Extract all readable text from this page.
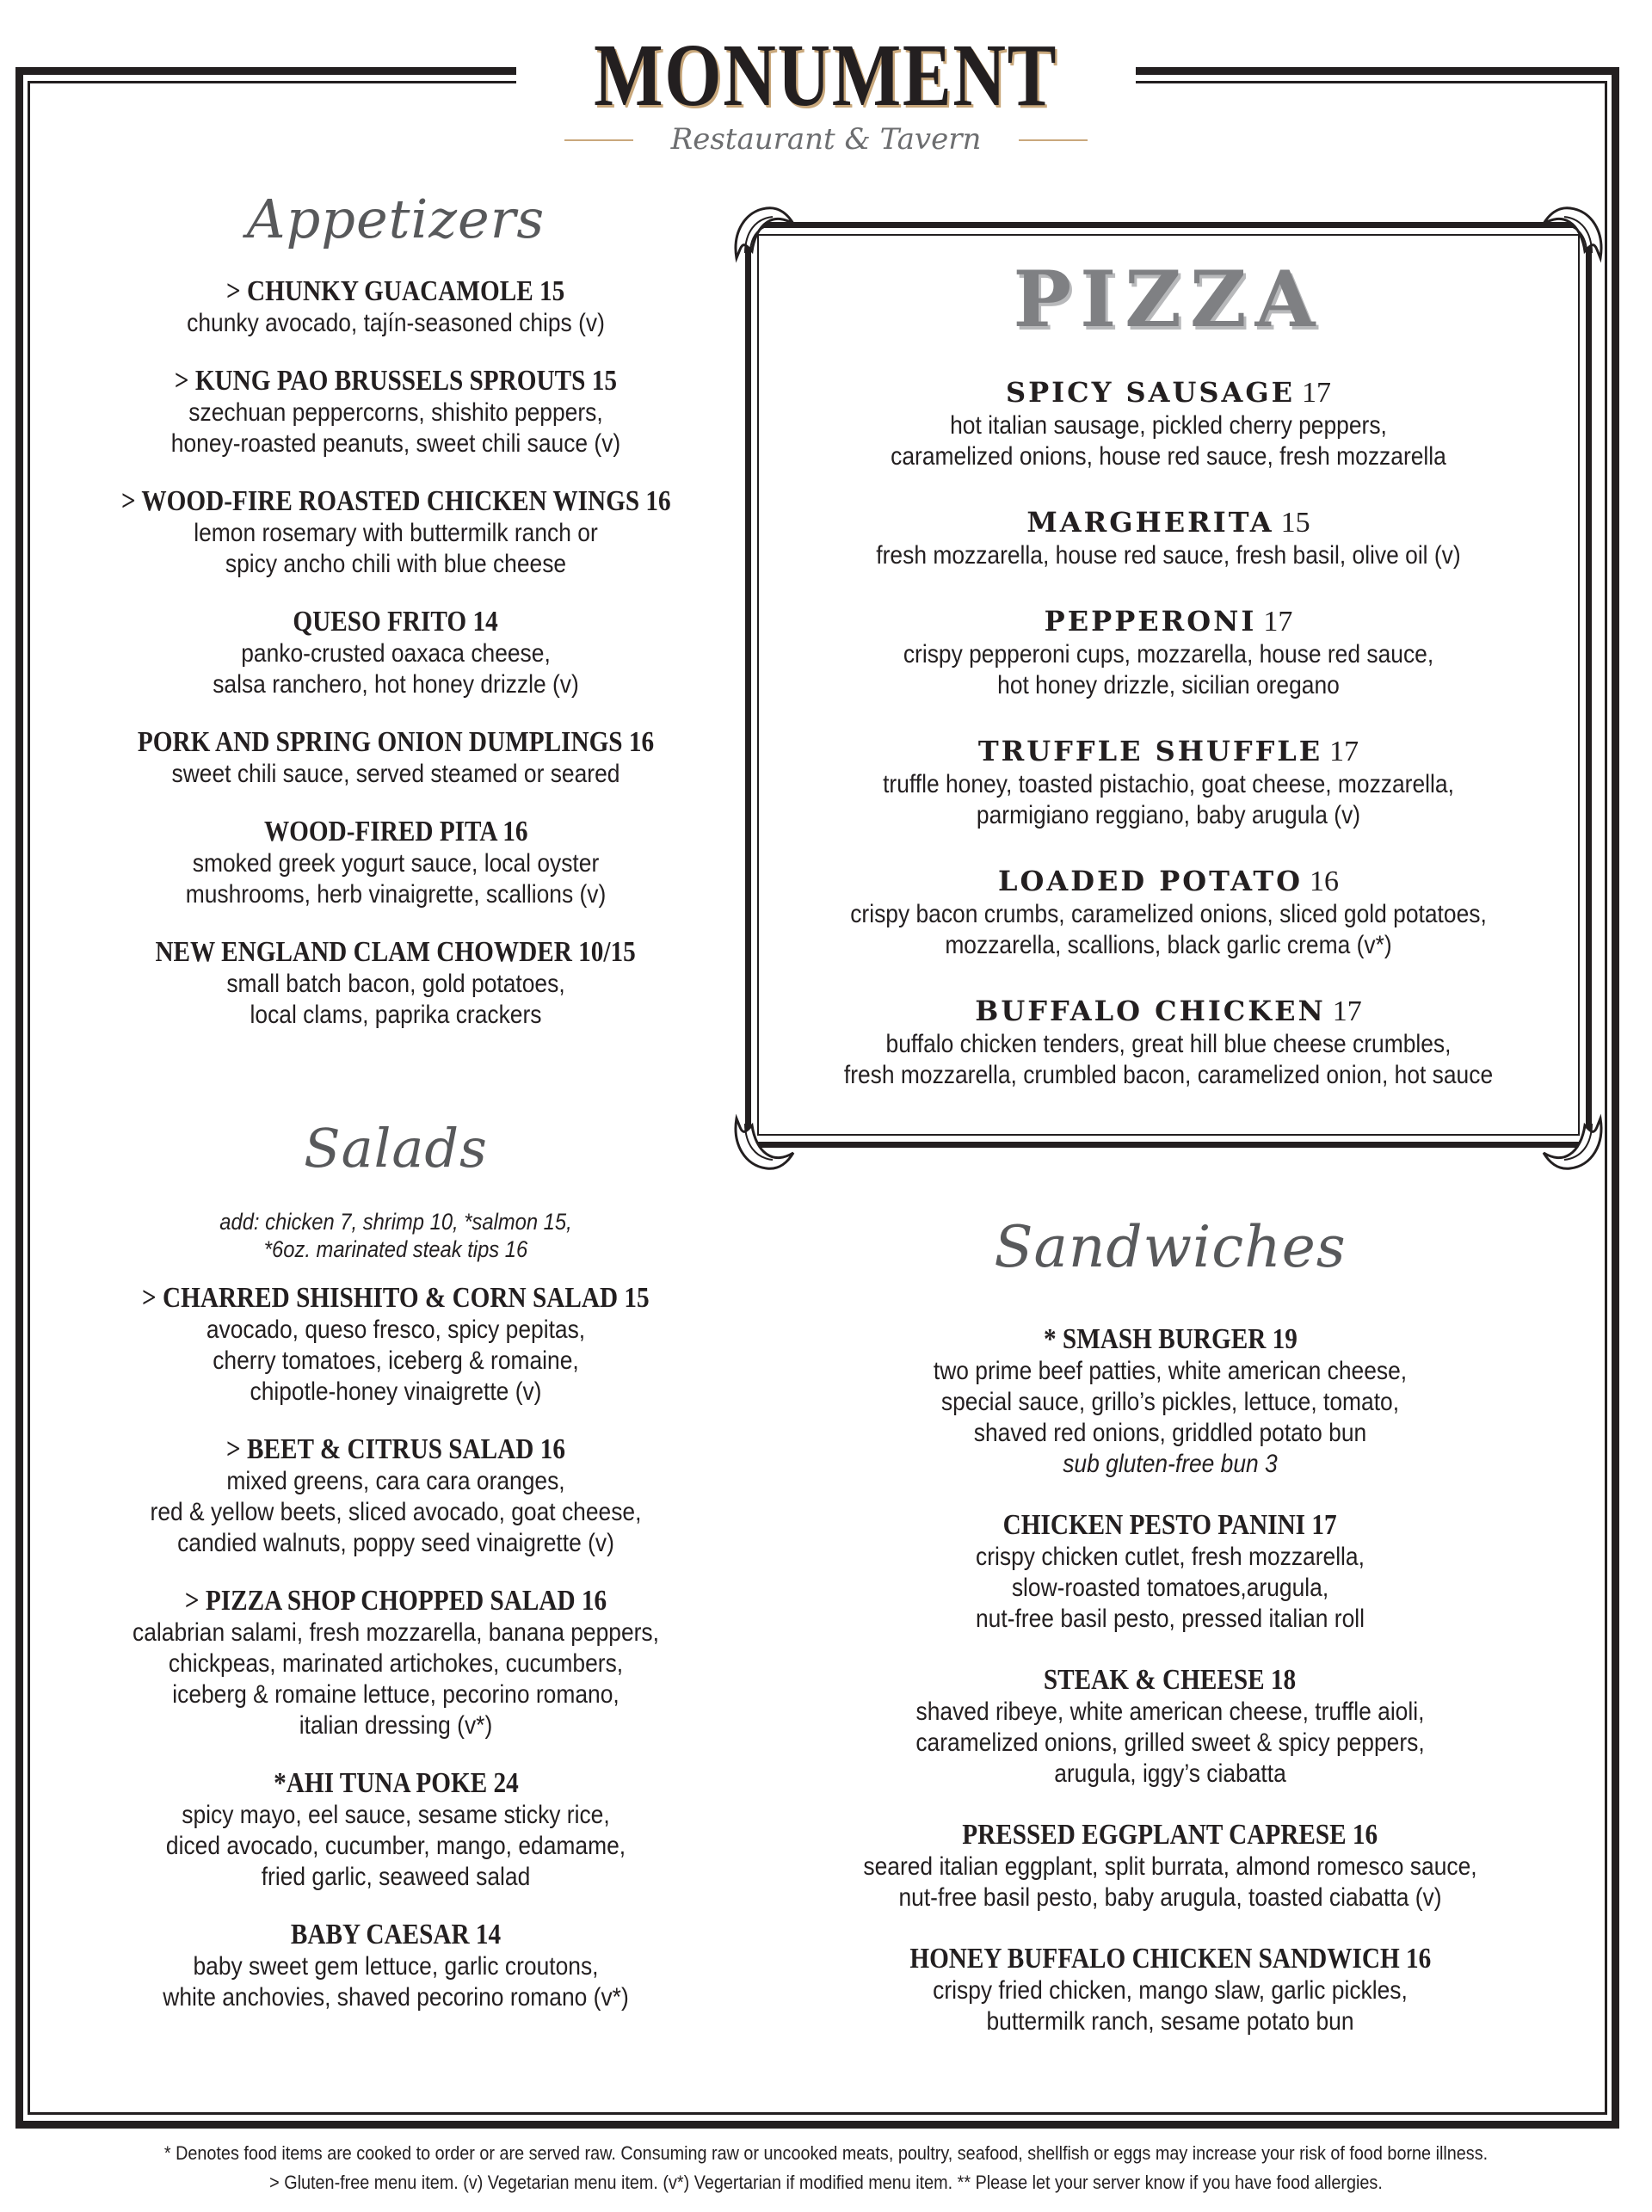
MONUMENT
Restaurant & Tavern
Appetizers
> CHUNKY GUACAMOLE 15
chunky avocado, tajín-seasoned chips (v)
> KUNG PAO BRUSSELS SPROUTS 15
szechuan peppercorns, shishito peppers,
honey-roasted peanuts, sweet chili sauce (v)
> WOOD-FIRE ROASTED CHICKEN WINGS 16
lemon rosemary with buttermilk ranch or
spicy ancho chili with blue cheese
QUESO FRITO 14
panko-crusted oaxaca cheese,
salsa ranchero, hot honey drizzle (v)
PORK AND SPRING ONION DUMPLINGS 16
sweet chili sauce, served steamed or seared
WOOD-FIRED PITA 16
smoked greek yogurt sauce, local oyster
mushrooms, herb vinaigrette, scallions (v)
NEW ENGLAND CLAM CHOWDER 10/15
small batch bacon, gold potatoes,
local clams, paprika crackers
Salads
add: chicken 7, shrimp 10, *salmon 15,
*6oz. marinated steak tips 16
> CHARRED SHISHITO & CORN SALAD 15
avocado, queso fresco, spicy pepitas,
cherry tomatoes, iceberg & romaine,
chipotle-honey vinaigrette (v)
> BEET & CITRUS SALAD 16
mixed greens, cara cara oranges,
red & yellow beets, sliced avocado, goat cheese,
candied walnuts, poppy seed vinaigrette (v)
> PIZZA SHOP CHOPPED SALAD 16
calabrian salami, fresh mozzarella, banana peppers,
chickpeas, marinated artichokes, cucumbers,
iceberg & romaine lettuce, pecorino romano,
italian dressing (v*)
*AHI TUNA POKE 24
spicy mayo, eel sauce, sesame sticky rice,
diced avocado, cucumber, mango, edamame,
fried garlic, seaweed salad
BABY CAESAR 14
baby sweet gem lettuce, garlic croutons,
white anchovies, shaved pecorino romano (v*)
PIZZA
SPICY SAUSAGE 17
hot italian sausage, pickled cherry peppers,
caramelized onions, house red sauce, fresh mozzarella
MARGHERITA 15
fresh mozzarella, house red sauce, fresh basil, olive oil (v)
PEPPERONI 17
crispy pepperoni cups, mozzarella, house red sauce,
hot honey drizzle, sicilian oregano
TRUFFLE SHUFFLE 17
truffle honey, toasted pistachio, goat cheese, mozzarella,
parmigiano reggiano, baby arugula (v)
LOADED POTATO 16
crispy bacon crumbs, caramelized onions, sliced gold potatoes,
mozzarella, scallions, black garlic crema (v*)
BUFFALO CHICKEN 17
buffalo chicken tenders, great hill blue cheese crumbles,
fresh mozzarella, crumbled bacon, caramelized onion, hot sauce
Sandwiches
* SMASH BURGER 19
two prime beef patties, white american cheese,
special sauce, grillo’s pickles, lettuce, tomato,
shaved red onions, griddled potato bun
sub gluten-free bun 3
CHICKEN PESTO PANINI 17
crispy chicken cutlet, fresh mozzarella,
slow-roasted tomatoes,arugula,
nut-free basil pesto, pressed italian roll
STEAK & CHEESE 18
shaved ribeye, white american cheese, truffle aioli,
caramelized onions, grilled sweet & spicy peppers,
arugula, iggy’s ciabatta
PRESSED EGGPLANT CAPRESE 16
seared italian eggplant, split burrata, almond romesco sauce,
nut-free basil pesto, baby arugula, toasted ciabatta (v)
HONEY BUFFALO CHICKEN SANDWICH 16
crispy fried chicken, mango slaw, garlic pickles,
buttermilk ranch, sesame potato bun
* Denotes food items are cooked to order or are served raw. Consuming raw or uncooked meats, poultry, seafood, shellfish or eggs may increase your risk of food borne illness.
> Gluten-free menu item. (v) Vegetarian menu item. (v*) Vegertarian if modified menu item. ** Please let your server know if you have food allergies.
